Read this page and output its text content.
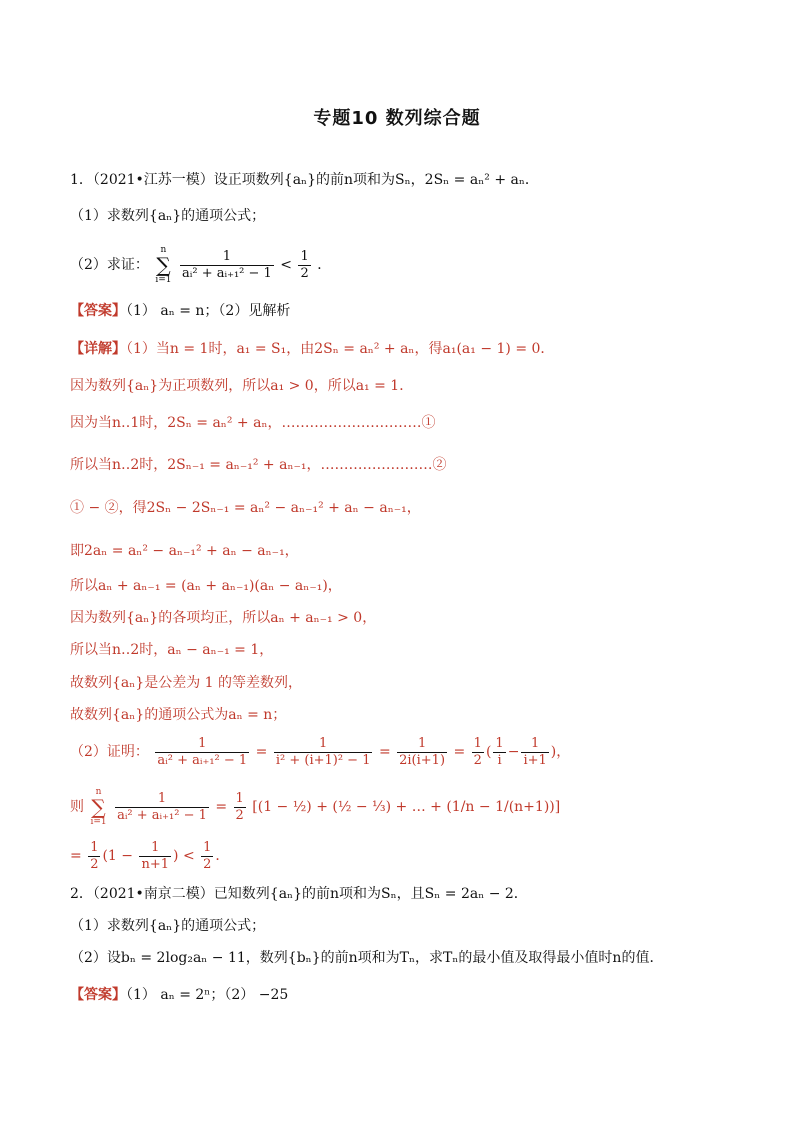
专题10 数列综合题
1．（2021•江苏一模）设正项数列{aₙ}的前n项和为Sₙ，2Sₙ = aₙ² + aₙ．
（1）求数列{aₙ}的通项公式；
（2）求证： n
∑
$i=1 \frac{1}{\text{aᵢ² + aᵢ₊₁² − 1}} < \frac{1}{2}$ ．
【答案】（1） aₙ = n；（2）见解析
【详解】（1）当n = 1时，a₁ = S₁，由2Sₙ = aₙ² + aₙ，得a₁(a₁ − 1) = 0．
因为数列{aₙ}为正项数列，所以a₁ > 0，所以a₁ = 1．
因为当n‥1时，2Sₙ = aₙ² + aₙ，…………………………①
所以当n‥2时，2Sₙ₋₁ = aₙ₋₁² + aₙ₋₁，……………………②
① − ②，得2Sₙ − 2Sₙ₋₁ = aₙ² − aₙ₋₁² + aₙ − aₙ₋₁，
即2aₙ = aₙ² − aₙ₋₁² + aₙ − aₙ₋₁，
所以aₙ + aₙ₋₁ = (aₙ + aₙ₋₁)(aₙ − aₙ₋₁)，
因为数列{aₙ}的各项均正，所以aₙ + aₙ₋₁ > 0，
所以当n‥2时，aₙ − aₙ₋₁ = 1，
故数列{aₙ}是公差为 1 的等差数列，
故数列{aₙ}的通项公式为aₙ = n；
（2）证明： $\frac{1}{\text{aᵢ² + aᵢ₊₁² − 1}} = \frac{1}{\text{i² + (i+1)² − 1}} = \frac{1}{2i(i+1)} = \frac{1}{2}$ ( $\frac{1}{i} - \frac{1}{i+1}$ )，
则 n
∑
$i=1 \frac{1}{\text{aᵢ² + aᵢ₊₁² − 1}} = \frac{1}{2} [(1$ − ½) + (½ − ⅓) + … + (1/n − 1/(n+1))]
= $\frac{1}{2} (1 - \frac{1}{n+1}$ ) < $\frac{1}{2}$ ．
2．（2021•南京二模）已知数列{aₙ}的前n项和为Sₙ，且Sₙ = 2aₙ − 2．
（1）求数列{aₙ}的通项公式；
（2）设bₙ = 2log₂aₙ − 11，数列{bₙ}的前n项和为Tₙ，求Tₙ的最小值及取得最小值时n的值．
【答案】（1） aₙ = 2ⁿ；（2） −25
